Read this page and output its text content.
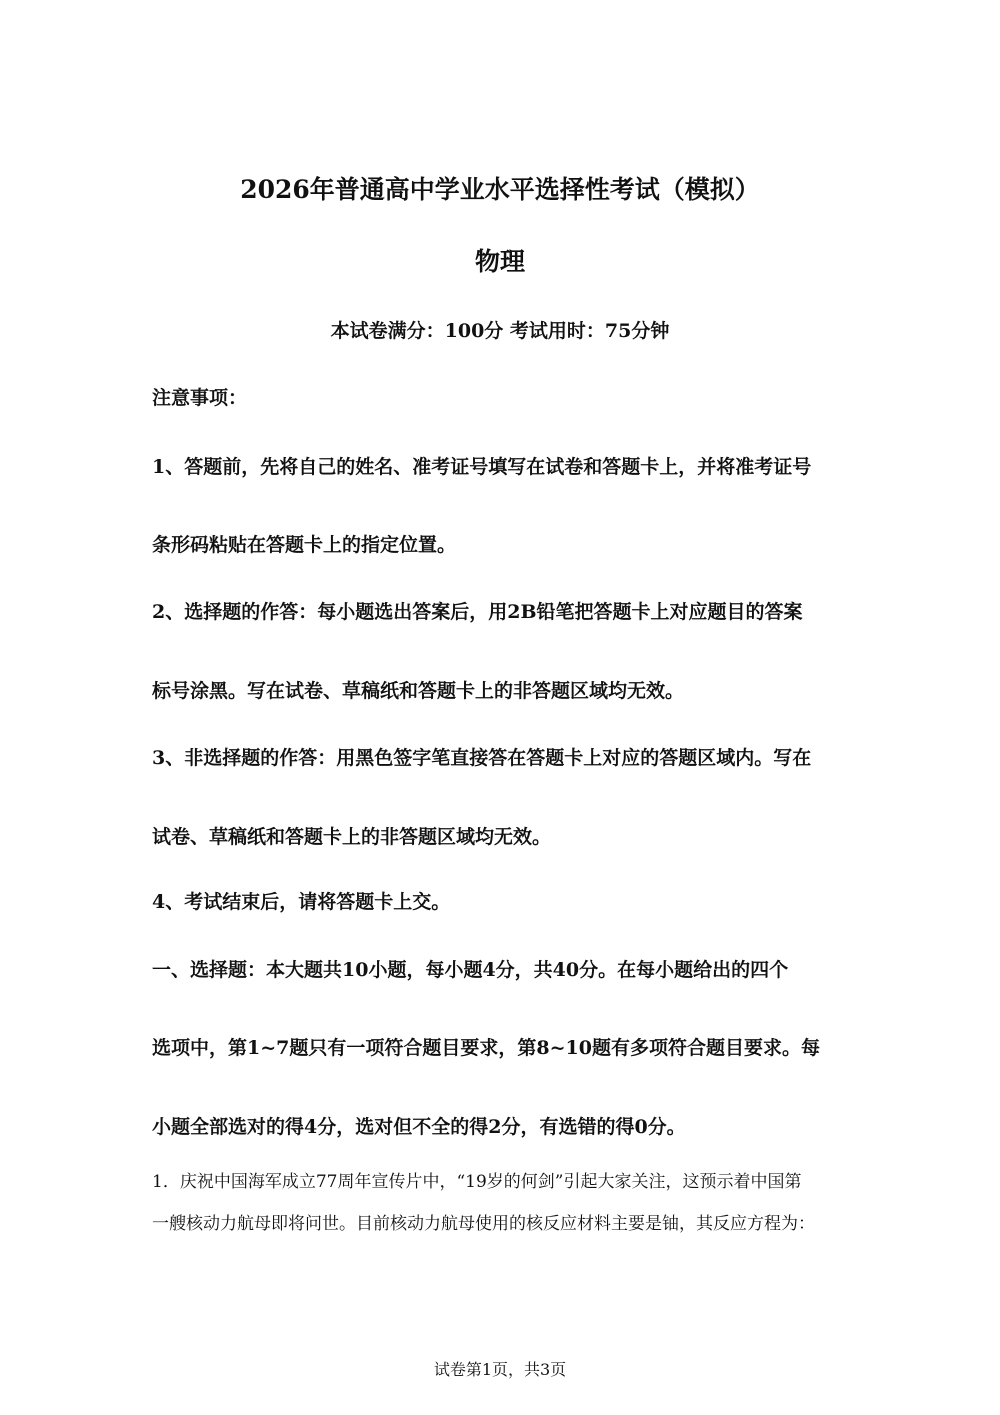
2026年普通高中学业水平选择性考试（模拟）
物理
本试卷满分：100分 考试用时：75分钟
注意事项：
1、答题前，先将自己的姓名、准考证号填写在试卷和答题卡上，并将准考证号
条形码粘贴在答题卡上的指定位置。
2、选择题的作答：每小题选出答案后，用2B铅笔把答题卡上对应题目的答案
标号涂黑。写在试卷、草稿纸和答题卡上的非答题区域均无效。
3、非选择题的作答：用黑色签字笔直接答在答题卡上对应的答题区域内。写在
试卷、草稿纸和答题卡上的非答题区域均无效。
4、考试结束后，请将答题卡上交。
一、选择题：本大题共10小题，每小题4分，共40分。在每小题给出的四个
选项中，第1~7题只有一项符合题目要求，第8~10题有多项符合题目要求。每
小题全部选对的得4分，选对但不全的得2分，有选错的得0分。
1．庆祝中国海军成立77周年宣传片中，“19岁的何剑”引起大家关注，这预示着中国第
一艘核动力航母即将问世。目前核动力航母使用的核反应材料主要是铀，其反应方程为：
试卷第1页，共3页
